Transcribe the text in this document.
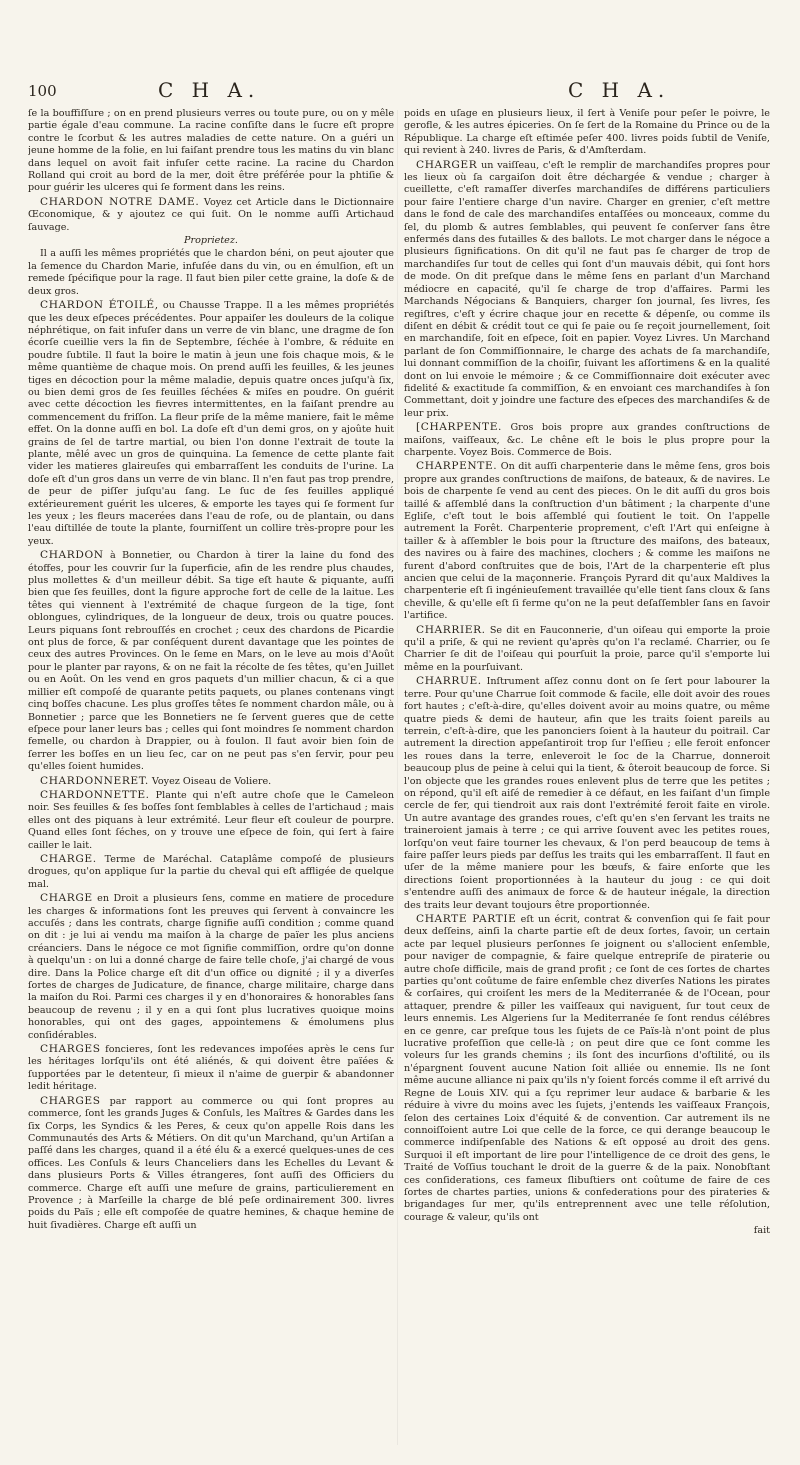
100	C H A.	C H A.

ſe la bouffiſſure ; on en prend plusieurs verres ou toute pure, ou on y mêle partie égale d'eau commune. La racine conſiſte dans le ſucre eſt propre contre le ſcorbut & les autres maladies de cette nature. On a guéri un jeune homme de la folie, en lui faiſant prendre tous les matins du vin blanc dans lequel on avoit fait infuſer cette racine. La racine du Chardon Rolland qui croit au bord de la mer, doit être préférée pour la phtiſie & pour guérir les ulceres qui ſe forment dans les reins.

CHARDON NOTRE DAME. Voyez cet Article dans le Dictionnaire Œconomique, & y ajoutez ce qui ſuit. On le nomme auſſi Artichaud ſauvage.

Proprietez.

Il a auſſi les mêmes propriétés que le chardon béni, on peut ajouter que la ſemence du Chardon Marie, infuſée dans du vin, ou en émulſion, eſt un remede ſpécifique pour la rage. Il faut bien piler cette graine, la doſe & de deux gros.

CHARDON ÉTOILÉ, ou Chausse Trappe. Il a les mêmes propriétés que les deux eſpeces précédentes. Pour appaiſer les douleurs de la colique néphrétique, on fait infuſer dans un verre de vin blanc, une dragme de ſon écorſe cueillie vers la fin de Septembre, ſéchée à l'ombre, & réduite en poudre ſubtile. Il faut la boire le matin à jeun une fois chaque mois, & le même quantième de chaque mois. On prend auſſi les feuilles, & les jeunes tiges en décoction pour la même maladie, depuis quatre onces juſqu'à ſix, ou bien demi gros de ſes feuilles ſéchées & miſes en poudre. On guérit avec cette décoction les fievres intermittentes, en la faiſant prendre au commencement du friſſon. La fleur priſe de la même maniere, fait le même effet. On la donne auſſi en bol. La doſe eſt d'un demi gros, on y ajoûte huit grains de ſel de tartre martial, ou bien l'on donne l'extrait de toute la plante, mêlé avec un gros de quinquina. La ſemence de cette plante fait vider les matieres glaireuſes qui embarraſſent les conduits de l'urine. La doſe eſt d'un gros dans un verre de vin blanc. Il n'en faut pas trop prendre, de peur de piſſer juſqu'au ſang. Le ſuc de ſes feuilles appliqué extérieurement guérit les ulceres, & emporte les tayes qui ſe forment ſur les yeux ; les fleurs macerées dans l'eau de roſe, ou de plantain, ou dans l'eau diſtillée de toute la plante, fourniſſent un collire très-propre pour les yeux.

CHARDON à Bonnetier, ou Chardon à tirer la laine du fond des étoffes, pour les couvrir ſur la ſuperficie, afin de les rendre plus chaudes, plus mollettes & d'un meilleur débit. Sa tige eſt haute & piquante, auſſi bien que ſes feuilles, dont la figure approche fort de celle de la laitue. Les têtes qui viennent à l'extrémité de chaque ſurgeon de la tige, ſont oblongues, cylindriques, de la longueur de deux, trois ou quatre pouces. Leurs piquans ſont rebrouſſés en crochet ; ceux des chardons de Picardie ont plus de force, & par conſéquent durent davantage que les pointes de ceux des autres Provinces. On le ſeme en Mars, on le leve au mois d'Août pour le planter par rayons, & on ne fait la récolte de ſes têtes, qu'en Juillet ou en Août. On les vend en gros paquets d'un millier chacun, & ci a que millier eſt compoſé de quarante petits paquets, ou planes contenans vingt cinq boſſes chacune. Les plus groſſes têtes ſe nomment chardon mâle, ou à Bonnetier ; parce que les Bonnetiers ne ſe ſervent gueres que de cette eſpece pour laner leurs bas ; celles qui ſont moindres ſe nomment chardon femelle, ou chardon à Drappier, ou à foulon. Il faut avoir bien ſoin de ſerrer les boſſes en un lieu ſec, car on ne peut pas s'en ſervir, pour peu qu'elles ſoient humides.

CHARDONNERET. Voyez Oiseau de Voliere.

CHARDONNETTE. Plante qui n'eſt autre choſe que le Cameleon noir. Ses feuilles & ſes boſſes ſont ſemblables à celles de l'artichaud ; mais elles ont des piquans à leur extrémité. Leur fleur eſt couleur de pourpre. Quand elles ſont ſéches, on y trouve une eſpece de foin, qui ſert à faire cailler le lait.

CHARGE. Terme de Maréchal. Cataplâme compoſé de plusieurs drogues, qu'on applique ſur la partie du cheval qui eſt affligée de quelque mal.

CHARGE en Droit a plusieurs ſens, comme en matiere de procedure les charges & informations ſont les preuves qui ſervent à convaincre les accuſés ; dans les contrats, charge ſignifie auſſi condition ; comme quand on dit : je lui ai vendu ma maiſon à la charge de païer les plus anciens créanciers. Dans le négoce ce mot ſignifie commiſſion, ordre qu'on donne à quelqu'un : on lui a donné charge de faire telle choſe, j'ai chargé de vous dire. Dans la Police charge eſt dit d'un office ou dignité ; il y a diverſes ſortes de charges de Judicature, de finance, charge militaire, charge dans la maiſon du Roi. Parmi ces charges il y en d'honoraires & honorables ſans beaucoup de revenu ; il y en a qui ſont plus lucratives quoique moins honorables, qui ont des gages, appointemens & émolumens plus conſidérables.

CHARGES foncieres, ſont les redevances impoſées après le cens ſur les héritages lorſqu'ils ont été aliénés, & qui doivent être païées & ſupportées par le detenteur, ſi mieux il n'aime de guerpir & abandonner ledit héritage.

CHARGES par rapport au commerce ou qui ſont propres au commerce, ſont les grands Juges & Conſuls, les Maîtres & Gardes dans les ſix Corps, les Syndics & les Peres, & ceux qu'on appelle Rois dans les Communautés des Arts & Métiers. On dit qu'un Marchand, qu'un Artiſan a paſſé dans les charges, quand il a été élu & a exercé quelques-unes de ces offices. Les Conſuls & leurs Chanceliers dans les Echelles du Levant & dans plusieurs Ports & Villes étrangeres, ſont auſſi des Officiers du commerce. Charge eſt auſſi une meſure de grains, particulierement en Provence ; à Marſeille la charge de blé peſe ordinairement 300. livres poids du Païs ; elle eſt compoſée de quatre hemines, & chaque hemine de huit ſivadières. Charge eſt auſſi un

poids en uſage en plusieurs lieux, il ſert à Veniſe pour peſer le poivre, le gerofle, & les autres épiceries. On ſe ſert de la Romaine du Prince ou de la République. La charge eſt eſtimée peſer 400. livres poids ſubtil de Veniſe, qui revient à 240. livres de Paris, & d'Amſterdam.

CHARGER un vaiſſeau, c'eſt le remplir de marchandiſes propres pour les lieux où ſa cargaiſon doit être déchargée & vendue ; charger à cueillette, c'eſt ramaſſer diverſes marchandiſes de différens particuliers pour faire l'entiere charge d'un navire. Charger en grenier, c'eſt mettre dans le fond de cale des marchandiſes entaſſées ou monceaux, comme du ſel, du plomb & autres ſemblables, qui peuvent ſe conſerver ſans être enfermés dans des futailles & des ballots. Le mot charger dans le négoce a plusieurs ſignifications. On dit qu'il ne faut pas ſe charger de trop de marchandiſes ſur tout de celles qui ſont d'un mauvais débit, qui ſont hors de mode. On dit preſque dans le même ſens en parlant d'un Marchand médiocre en capacité, qu'il ſe charge de trop d'affaires. Parmi les Marchands Négocians & Banquiers, charger ſon journal, ſes livres, ſes regiſtres, c'eſt y écrire chaque jour en recette & dépenſe, ou comme ils diſent en débit & crédit tout ce qui ſe paie ou ſe reçoit journellement, ſoit en marchandiſe, ſoit en eſpece, ſoit en papier. Voyez Livres. Un Marchand parlant de ſon Commiſſionnaire, le charge des achats de ſa marchandiſe, lui donnant commiſſion de la choiſir, ſuivant les aſſortimens & en la qualité dont on lui envoie le mémoire ; & ce Commiſſionnaire doit exécuter avec fidelité & exactitude ſa commiſſion, & en envoiant ces marchandiſes à ſon Commettant, doit y joindre une facture des eſpeces des marchandiſes & de leur prix.

[CHARPENTE. Gros bois propre aux grandes conſtructions de maiſons, vaiſſeaux, &c. Le chêne eſt le bois le plus propre pour la charpente. Voyez Bois. Commerce de Bois.

CHARPENTE. On dit auſſi charpenterie dans le même ſens, gros bois propre aux grandes conſtructions de maiſons, de bateaux, & de navires. Le bois de charpente ſe vend au cent des pieces. On le dit auſſi du gros bois taillé & aſſemblé dans la conſtruction d'un bâtiment ; la charpente d'une Egliſe, c'eſt tout le bois aſſemblé qui ſoutient le toit. On l'appelle autrement la Forêt. Charpenterie proprement, c'eſt l'Art qui enſeigne à tailler & à aſſembler le bois pour la ſtructure des maiſons, des bateaux, des navires ou à faire des machines, clochers ; & comme les maiſons ne furent d'abord conſtruites que de bois, l'Art de la charpenterie eſt plus ancien que celui de la maçonnerie. François Pyrard dit qu'aux Maldives la charpenterie eſt ſi ingénieuſement travaillée qu'elle tient ſans cloux & ſans cheville, & qu'elle eſt ſi ferme qu'on ne la peut deſaſſembler ſans en ſavoir l'artifice.

CHARRIER. Se dit en Fauconnerie, d'un oiſeau qui emporte la proie qu'il a priſe, & qui ne revient qu'après qu'on l'a reclamé. Charrier, ou ſe Charrier ſe dit de l'oiſeau qui pourſuit la proie, parce qu'il s'emporte lui même en la pourſuivant.

CHARRUE. Inſtrument aſſez connu dont on ſe ſert pour labourer la terre. Pour qu'une Charrue ſoit commode & facile, elle doit avoir des roues fort hautes ; c'eſt-à-dire, qu'elles doivent avoir au moins quatre, ou même quatre pieds & demi de hauteur, afin que les traits ſoient pareils au terrein, c'eſt-à-dire, que les panonciers ſoient à la hauteur du poitrail. Car autrement la direction appeſantiroit trop ſur l'eſſieu ; elle feroit enfoncer les roues dans la terre, enleveroit le ſoc de la Charrue, donneroit beaucoup plus de peine à celui qui la tient, & ôteroit beaucoup de force. Si l'on objecte que les grandes roues enlevent plus de terre que les petites ; on répond, qu'il eſt aiſé de remedier à ce défaut, en les faiſant d'un ſimple cercle de fer, qui tiendroit aux rais dont l'extrémité feroit faite en virole. Un autre avantage des grandes roues, c'eſt qu'en s'en ſervant les traits ne traineroient jamais à terre ; ce qui arrive ſouvent avec les petites roues, lorſqu'on veut faire tourner les chevaux, & l'on perd beaucoup de tems à faire paſſer leurs pieds par deſſus les traits qui les embarraſſent. Il faut en uſer de la même maniere pour les bœufs, & faire enſorte que les directions ſoient proportionnées à la hauteur du joug : ce qui doit s'entendre auſſi des animaux de force & de hauteur inégale, la direction des traits leur devant toujours être proportionnée.

CHARTE PARTIE eſt un écrit, contrat & convenſion qui ſe fait pour deux deſſeins, ainſi la charte partie eſt de deux ſortes, ſavoir, un certain acte par lequel plusieurs perſonnes ſe joignent ou s'allocient enſemble, pour naviger de compagnie, & faire quelque entrepriſe de piraterie ou autre choſe difficile, mais de grand profit ; ce ſont de ces ſortes de chartes parties qu'ont coûtume de faire enſemble chez diverſes Nations les pirates & corſaires, qui croiſent les mers de la Mediterranée & de l'Ocean, pour attaquer, prendre & piller les vaiſſeaux qui naviguent, ſur tout ceux de leurs ennemis. Les Algeriens ſur la Mediterranée ſe ſont rendus célébres en ce genre, car preſque tous les ſujets de ce Païs-là n'ont point de plus lucrative profeſſion que celle-là ; on peut dire que ce ſont comme les voleurs ſur les grands chemins ; ils ſont des incurſions d'oſtilité, ou ils n'épargnent ſouvent aucune Nation ſoit alliée ou ennemie. Ils ne ſont même aucune alliance ni paix qu'ils n'y ſoient forcés comme il eſt arrivé du Regne de Louis XIV. qui a ſçu reprimer leur audace & barbarie & les réduire à vivre du moins avec les ſujets, j'entends les vaiſſeaux François, ſelon des certaines Loix d'équité & de convention. Car autrement ils ne connoiſſoient autre Loi que celle de la force, ce qui derange beaucoup le commerce indiſpenſable des Nations & eſt opposé au droit des gens. Surquoi il eſt important de lire pour l'intelligence de ce droit des gens, le Traité de Voſſius touchant le droit de la guerre & de la paix. Nonobſtant ces conſiderations, ces fameux ſlibuſtiers ont coûtume de faire de ces ſortes de chartes parties, unions & confederations pour des pirateries & brigandages ſur mer, qu'ils entreprennent avec une telle réſolution, courage & valeur, qu'ils ont

fait
